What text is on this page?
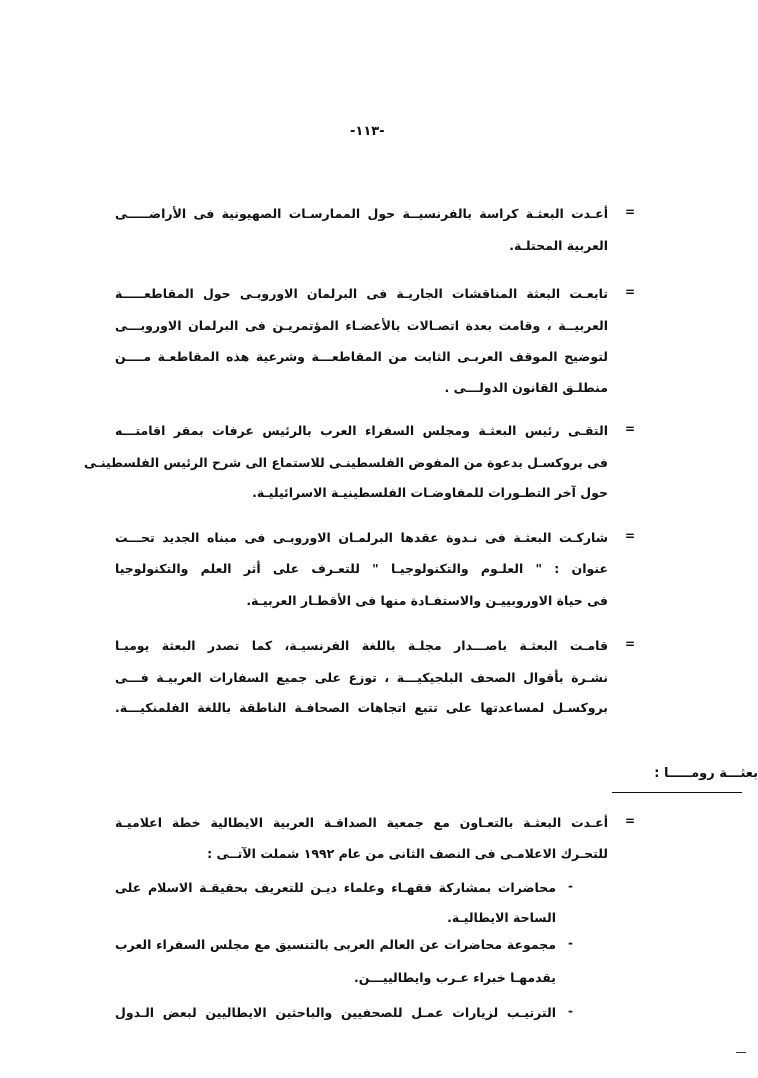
-١١٣-
=
أعـدت البعثـة كراسة بالفرنسيــة حول الممارسـات الصهيونية فى الأراضـــــى
العربية المحتلـة.
=
تابعـت البعثة المناقشات الجاريـة فى البرلمان الاوروبـى حول المقاطعـــــة
العربيــة ، وقامت بعدة اتصـالات بالأعضـاء المؤتمريـن فى البرلمان الاوروبـــى
لتوضيح الموقف العربـى الثابت من المقاطعـــة وشرعية هذه المقاطعـة مــــن
منطلـق القانون الدولـــى .
=
التقـى رئيس البعثـة ومجلس السفراء العرب بالرئيس عرفات بمقر اقامتـــه
فى بروكسـل بدعوة من المفوض الفلسطينـى للاستماع الى شرح الرئيس الفلسطينـى
حول آخر التطـورات للمفاوضـات الفلسطينيـة الاسرائيليـة.
=
شاركـت البعثـة فى نـدوة عقدها البرلمـان الاوروبـى فى مبناه الجديد تحـــت
عنوان : " العلـوم والتكنولوجيـا " للتعـرف على أثر العلم والتكنولوجيا
فى حياة الاوروبييـن والاستفـادة منها فى الأقطـار العربيـة.
=
قامـت البعثـة باصـــدار مجلـة باللغة الفرنسيـة، كما تصدر البعثة يوميـا
نشـرة بأقوال الصحف البلجيكيـــة ، توزع على جميع السفارات العربيـة فـــى
بروكسـل لمساعدتها على تتبع اتجاهات الصحافـة الناطقة باللغة الفلمنكيـــة.
=
أعـدت البعثـة بالتعـاون مع جمعية الصداقـة العربية الايطالية خطة اعلاميـة
للتحـرك الاعلامـى فى النصف الثانى من عام ١٩٩٢ شملت الآتــى :
-
محاضرات بمشاركة فقهـاء وعلماء ديـن للتعريف بحقيقـة الاسلام على
الساحة الايطاليـة.
-
مجموعة محاضرات عن العالم العربى بالتنسيق مع مجلس السفراء العرب
يقدمهـا خبراء عـرب وايطالييـــن.
-
الترتيـب لزيارات عمـل للصحفيين والباحثين الايطاليين لبعض الـدول
بعثـــة رومـــــا :
